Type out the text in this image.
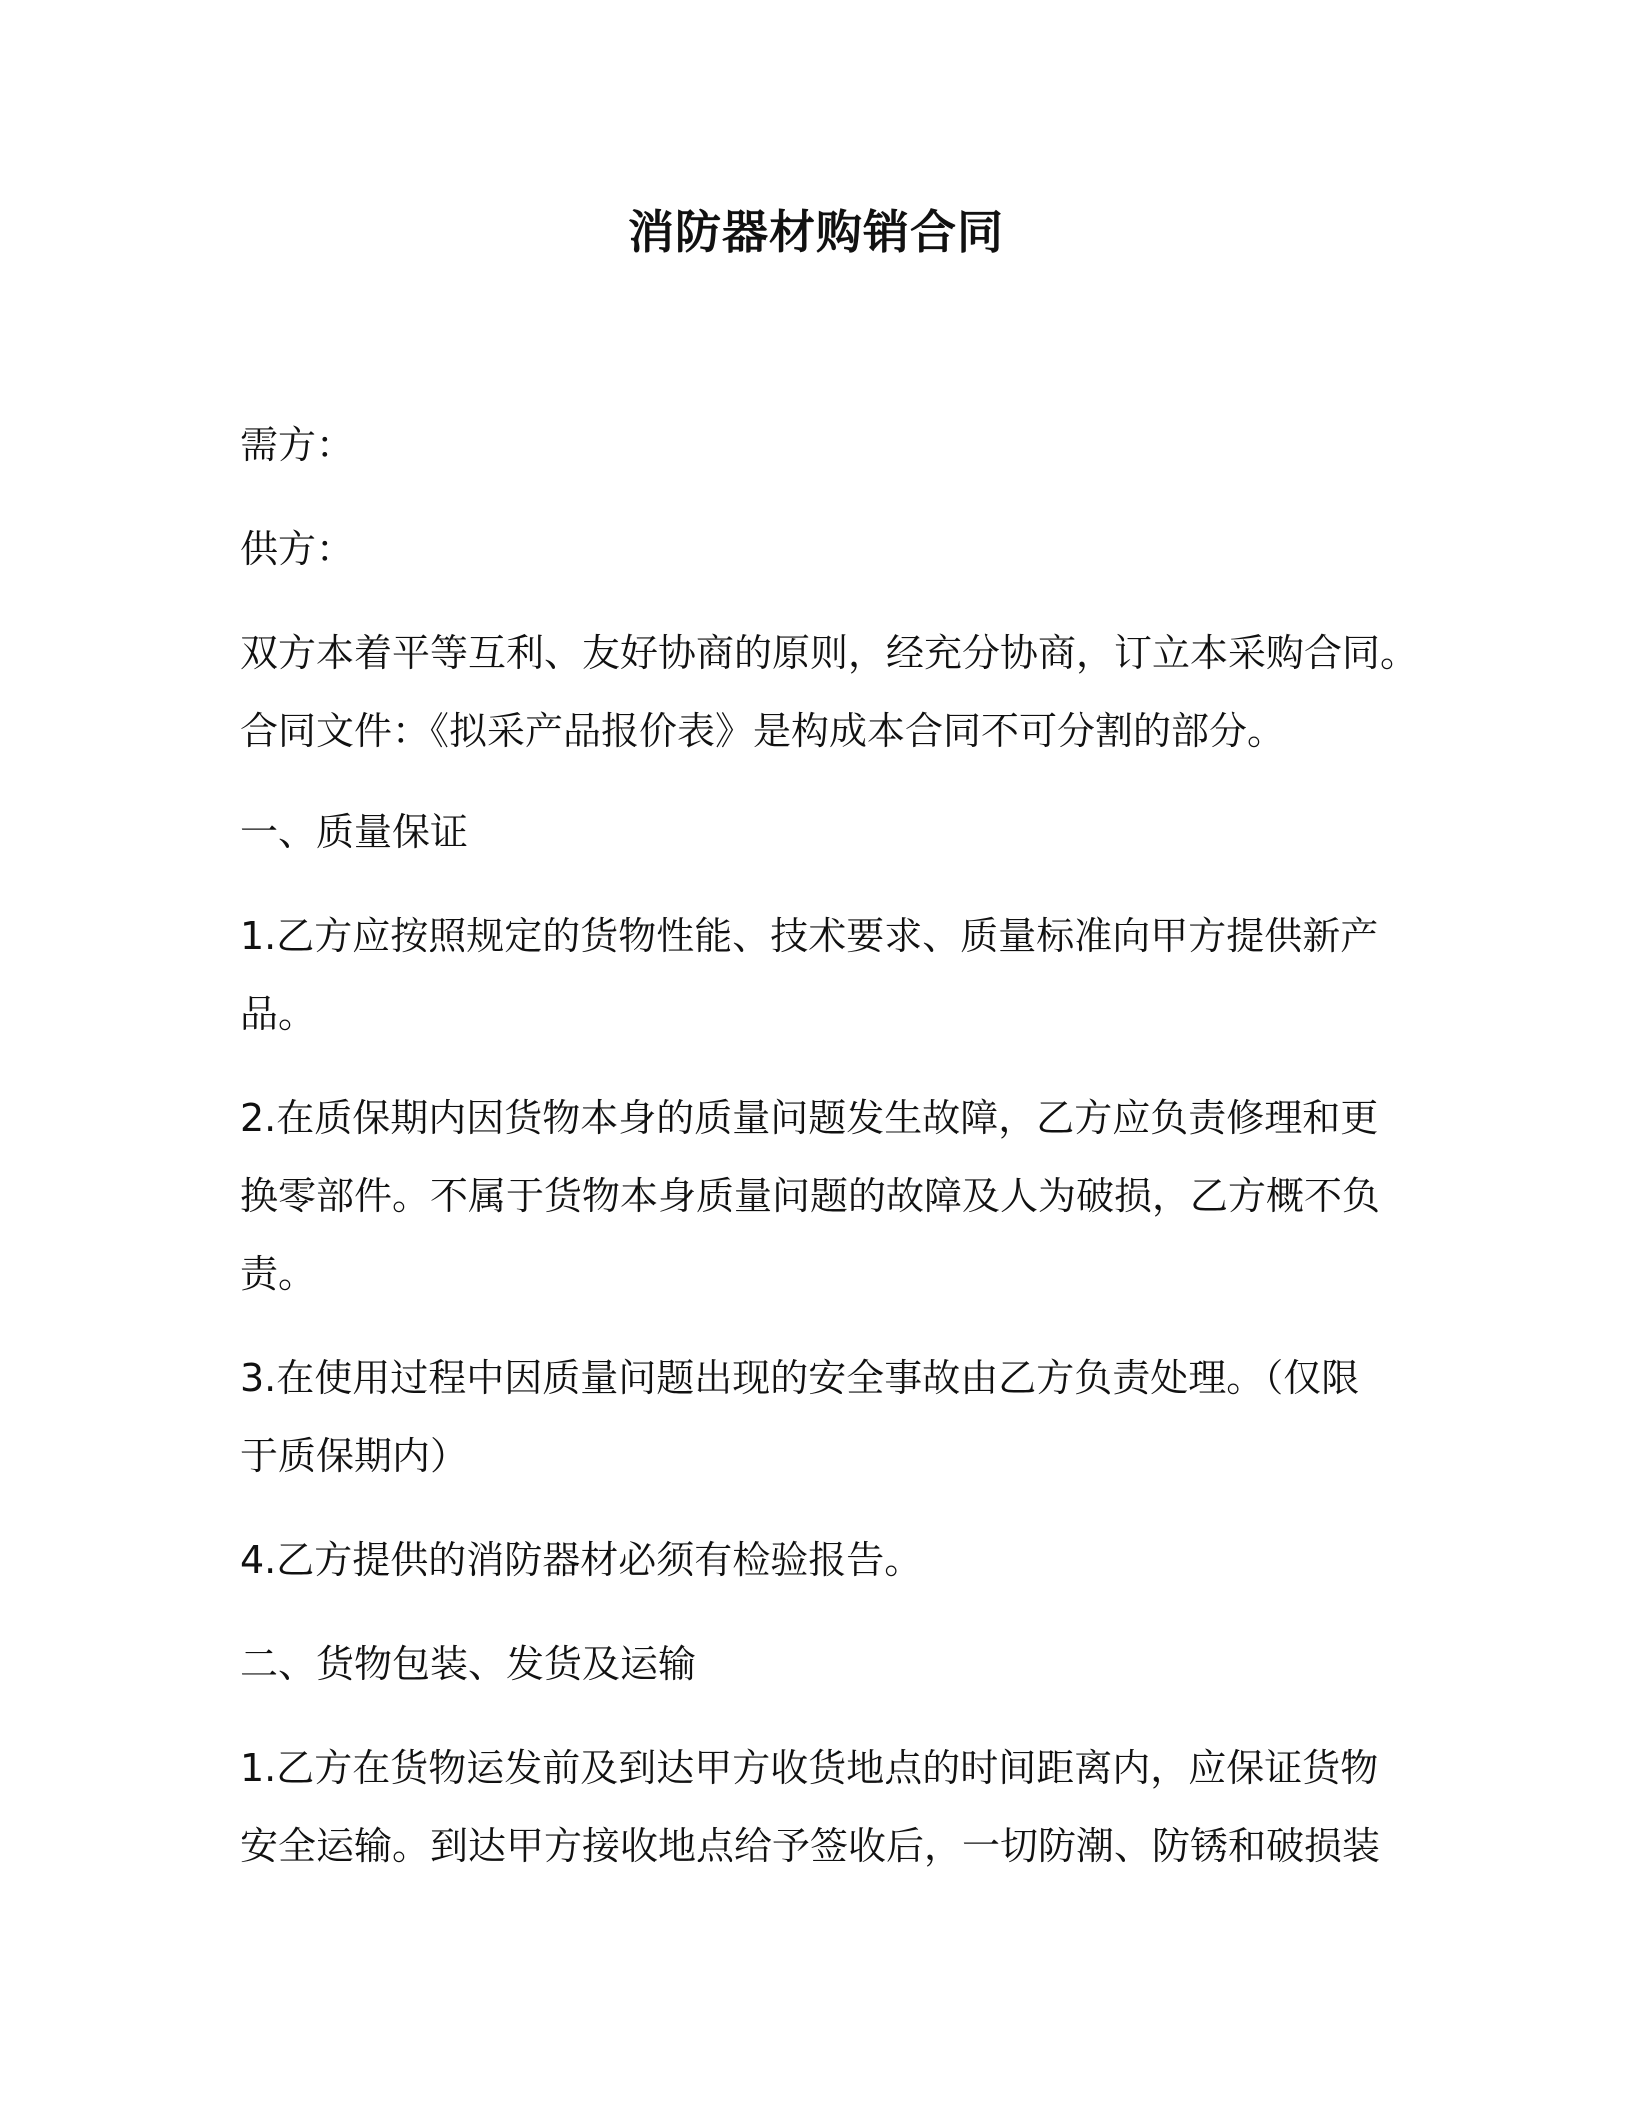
消防器材购销合同

需方：

供方：

双方本着平等互利、友好协商的原则，经充分协商，订立本采购合同。

合同文件：《拟采产品报价表》是构成本合同不可分割的部分。

一、质量保证

1.乙方应按照规定的货物性能、技术要求、质量标准向甲方提供新产

品。

2.在质保期内因货物本身的质量问题发生故障，乙方应负责修理和更

换零部件。不属于货物本身质量问题的故障及人为破损，乙方概不负

责。

3.在使用过程中因质量问题出现的安全事故由乙方负责处理。（仅限

于质保期内）

4.乙方提供的消防器材必须有检验报告。

二、货物包装、发货及运输

1.乙方在货物运发前及到达甲方收货地点的时间距离内，应保证货物

安全运输。到达甲方接收地点给予签收后，一切防潮、防锈和破损装
